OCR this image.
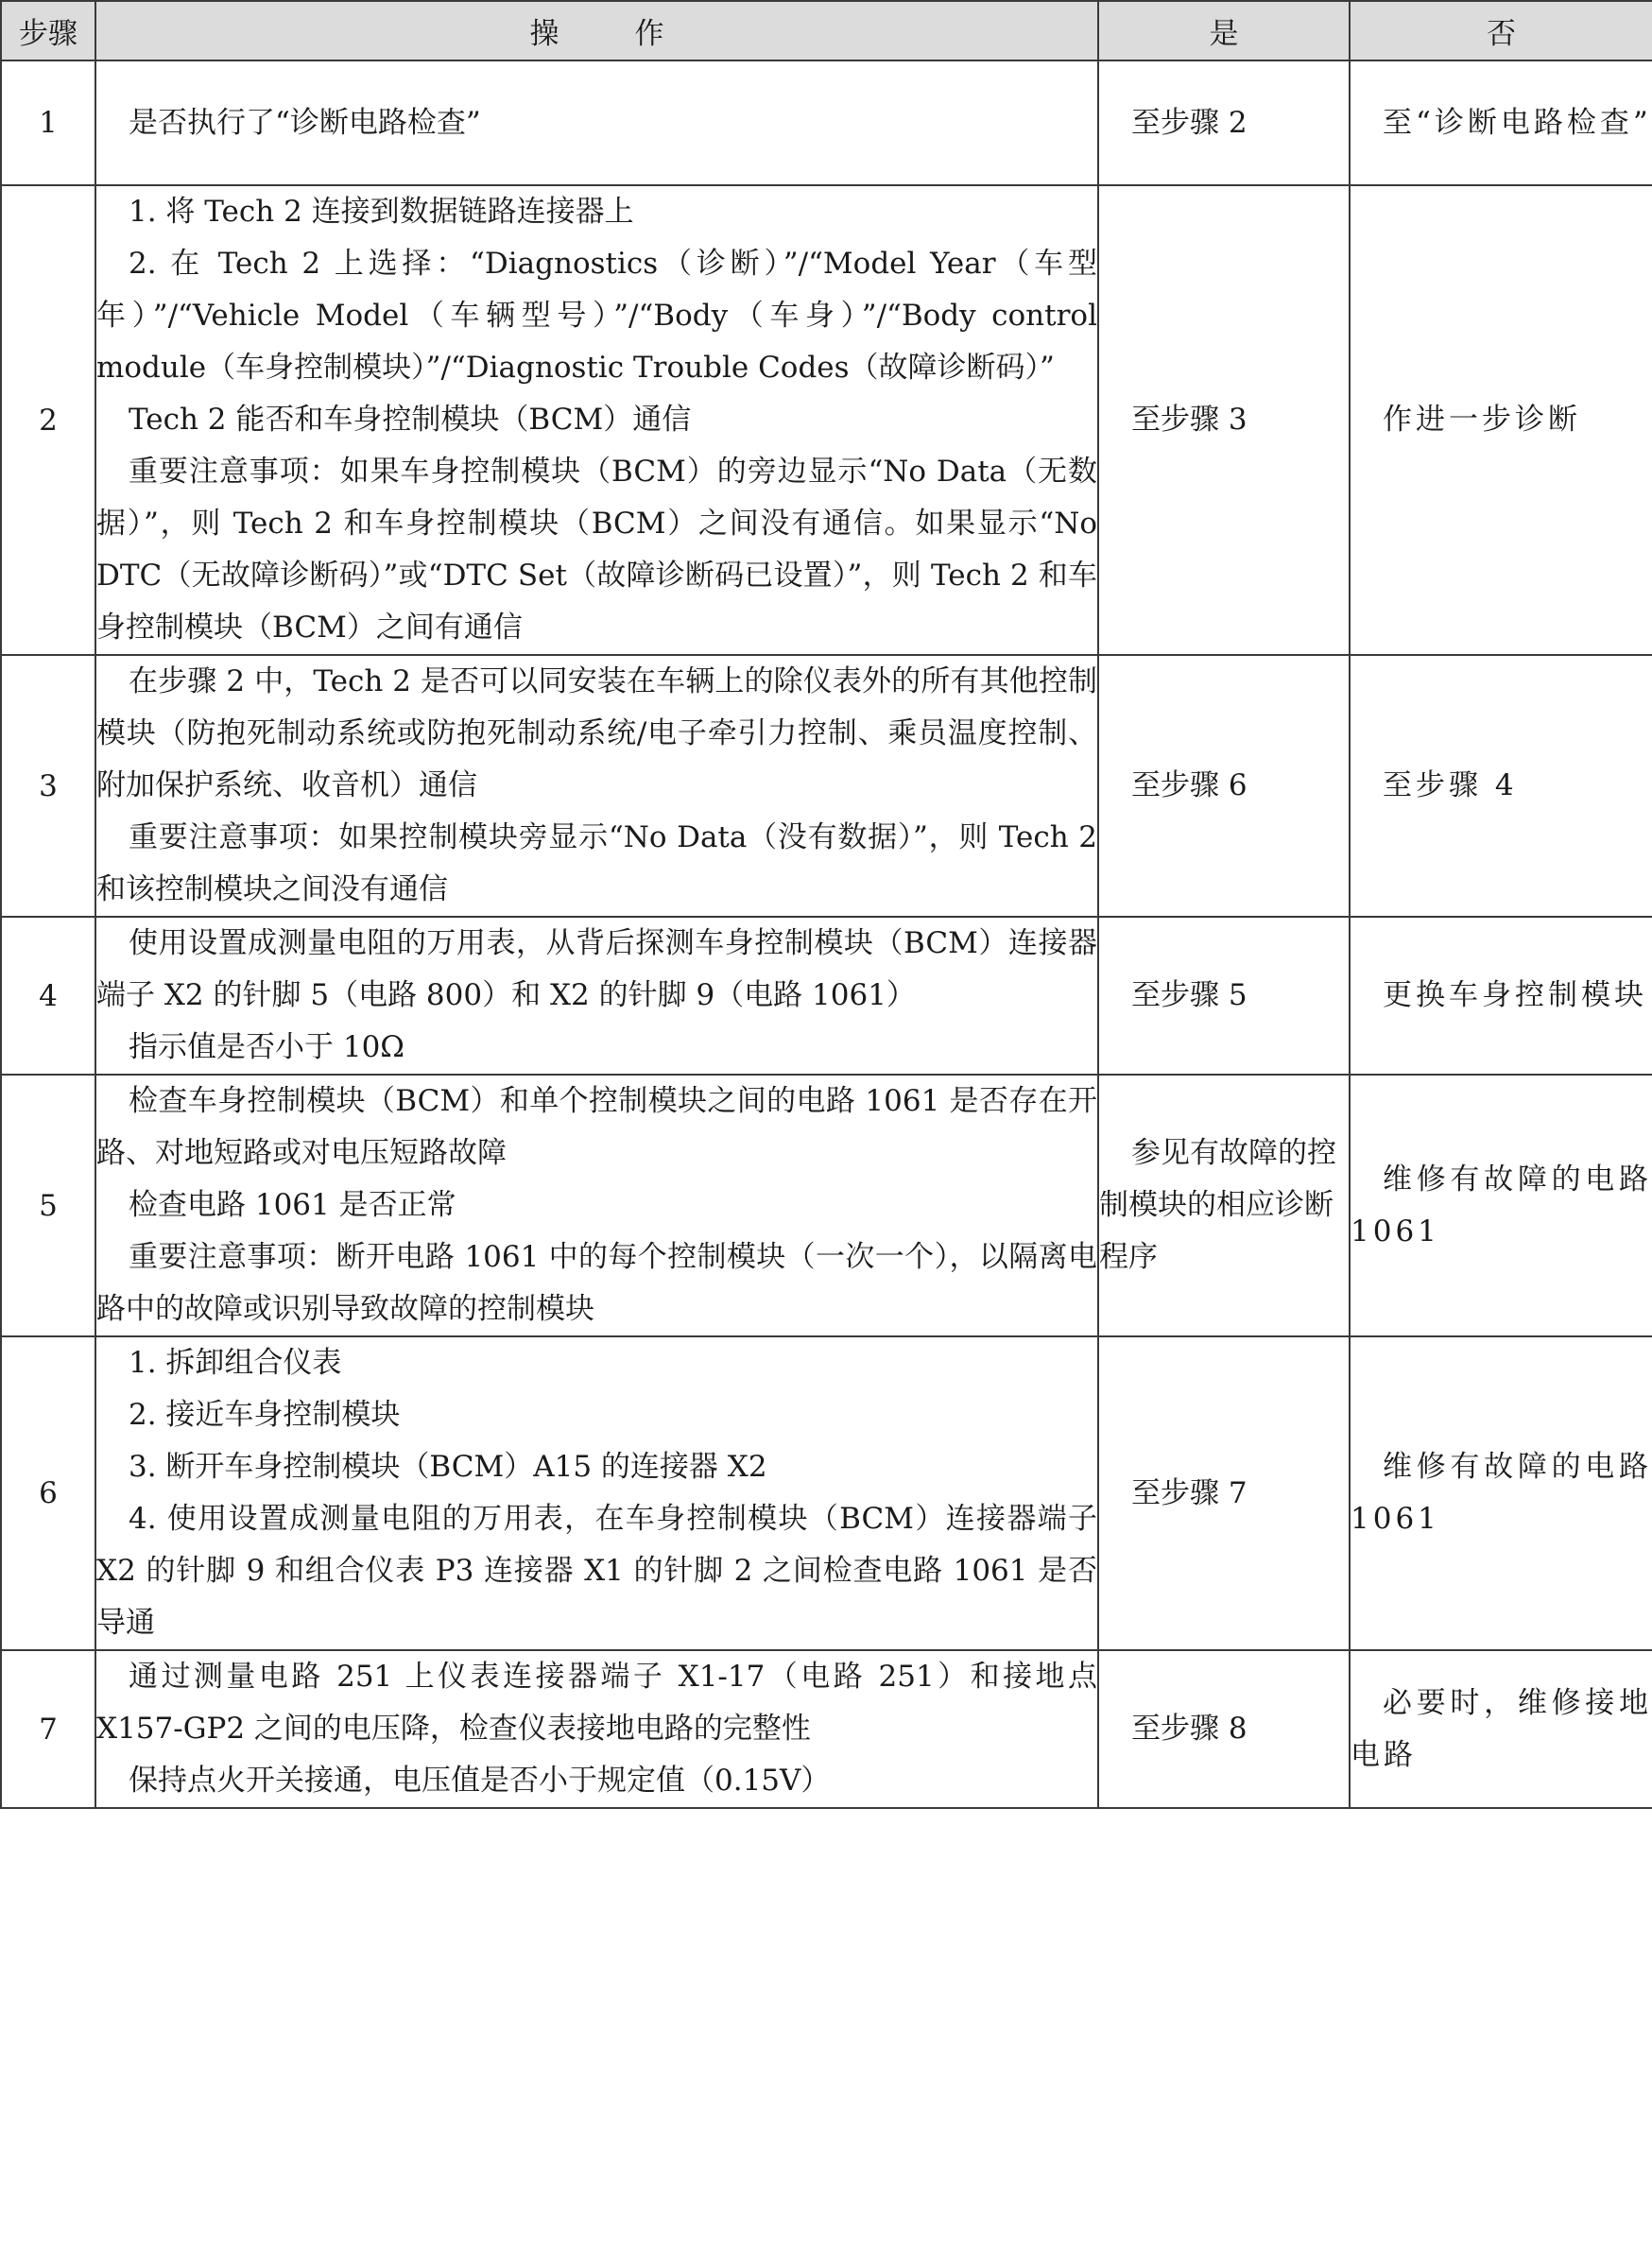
步骤	操作	是	否
1	是否执行了“诊断电路检查”	至步骤 2	至“诊断电路检查”

2	1. 将 Tech 2 连接到数据链路连接器上

2. 在 Tech 2 上选择：“Diagnostics（诊断）”/“Model Year（车型年）”/“Vehicle Model（车辆型号）”/“Body（车身）”/“Body control module（车身控制模块）”/“Diagnostic Trouble Codes（故障诊断码）”

Tech 2 能否和车身控制模块（BCM）通信

重要注意事项：如果车身控制模块（BCM）的旁边显示“No Data（无数据）”，则 Tech 2 和车身控制模块（BCM）之间没有通信。如果显示“No DTC（无故障诊断码）”或“DTC Set（故障诊断码已设置）”，则 Tech 2 和车身控制模块（BCM）之间有通信	至步骤 3	作进一步诊断

3	在步骤 2 中，Tech 2 是否可以同安装在车辆上的除仪表外的所有其他控制模块（防抱死制动系统或防抱死制动系统/电子牵引力控制、乘员温度控制、附加保护系统、收音机）通信

重要注意事项：如果控制模块旁显示“No Data（没有数据）”，则 Tech 2 和该控制模块之间没有通信	至步骤 6	至步骤 4

4	使用设置成测量电阻的万用表，从背后探测车身控制模块（BCM）连接器端子 X2 的针脚 5（电路 800）和 X2 的针脚 9（电路 1061）

指示值是否小于 10Ω	至步骤 5	更换车身控制模块

5	检查车身控制模块（BCM）和单个控制模块之间的电路 1061 是否存在开路、对地短路或对电压短路故障

检查电路 1061 是否正常

重要注意事项：断开电路 1061 中的每个控制模块（一次一个），以隔离电路中的故障或识别导致故障的控制模块	参见有故障的控制模块的相应诊断程序	维修有故障的电路 1061

6	1. 拆卸组合仪表

2. 接近车身控制模块

3. 断开车身控制模块（BCM）A15 的连接器 X2

4. 使用设置成测量电阻的万用表，在车身控制模块（BCM）连接器端子 X2 的针脚 9 和组合仪表 P3 连接器 X1 的针脚 2 之间检查电路 1061 是否导通	至步骤 7	维修有故障的电路 1061

7	通过测量电路 251 上仪表连接器端子 X1-17（电路 251）和接地点 X157-GP2 之间的电压降，检查仪表接地电路的完整性

保持点火开关接通，电压值是否小于规定值（0.15V）	至步骤 8	必要时，维修接地电路
